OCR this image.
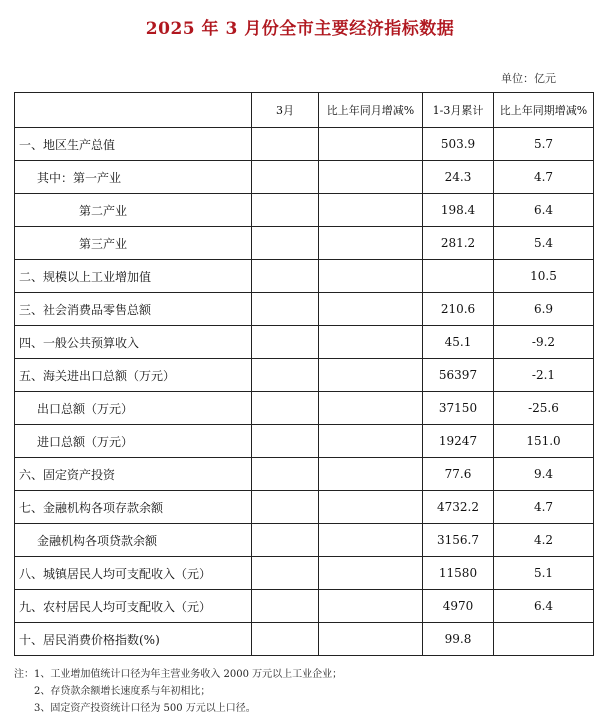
2025 年 3 月份全市主要经济指标数据
单位：亿元
	3月	比上年同月增减%	1-3月累计	比上年同期增减%
一、地区生产总值			503.9	5.7
其中：第一产业			24.3	4.7
第二产业			198.4	6.4
第三产业			281.2	5.4
二、规模以上工业增加值				10.5
三、社会消费品零售总额			210.6	6.9
四、一般公共预算收入			45.1	-9.2
五、海关进出口总额（万元）			56397	-2.1
出口总额（万元）			37150	-25.6
进口总额（万元）			19247	151.0
六、固定资产投资			77.6	9.4
七、金融机构各项存款余额			4732.2	4.7
金融机构各项贷款余额			3156.7	4.2
八、城镇居民人均可支配收入（元）			11580	5.1
九、农村居民人均可支配收入（元）			4970	6.4
十、居民消费价格指数(%)			99.8	
注：1、工业增加值统计口径为年主营业务收入 2000 万元以上工业企业；
2、存贷款余额增长速度系与年初相比；
3、固定资产投资统计口径为 500 万元以上口径。
